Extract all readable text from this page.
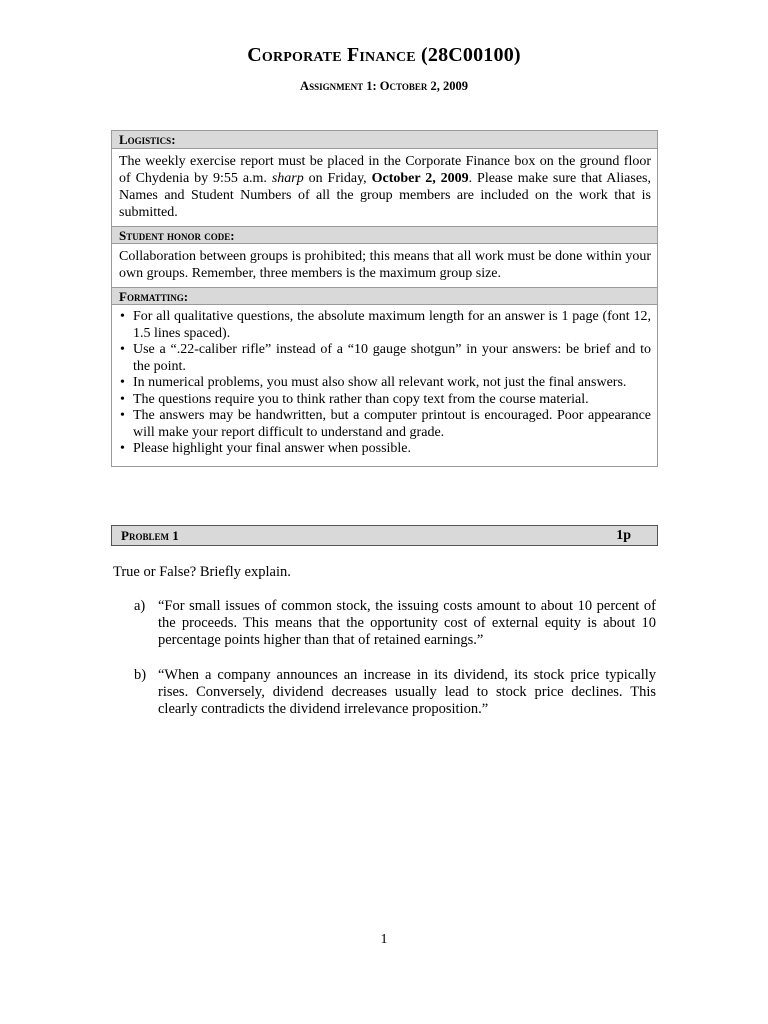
Corporate Finance (28C00100)
Assignment 1: October 2, 2009
Logistics:

The weekly exercise report must be placed in the Corporate Finance box on the ground floor of Chydenia by 9:55 a.m. sharp on Friday, October 2, 2009. Please make sure that Aliases, Names and Student Numbers of all the group members are included on the work that is submitted.

Student honor code:

Collaboration between groups is prohibited; this means that all work must be done within your own groups. Remember, three members is the maximum group size.

Formatting:
• For all qualitative questions, the absolute maximum length for an answer is 1 page (font 12, 1.5 lines spaced).
• Use a “.22-caliber rifle” instead of a “10 gauge shotgun” in your answers: be brief and to the point.
• In numerical problems, you must also show all relevant work, not just the final answers.
• The questions require you to think rather than copy text from the course material.
• The answers may be handwritten, but a computer printout is encouraged. Poor appearance will make your report difficult to understand and grade.
• Please highlight your final answer when possible.
Problem 1	1p
True or False? Briefly explain.
a) “For small issues of common stock, the issuing costs amount to about 10 percent of the proceeds. This means that the opportunity cost of external equity is about 10 percentage points higher than that of retained earnings.”
b) “When a company announces an increase in its dividend, its stock price typically rises. Conversely, dividend decreases usually lead to stock price declines. This clearly contradicts the dividend irrelevance proposition.”
1
